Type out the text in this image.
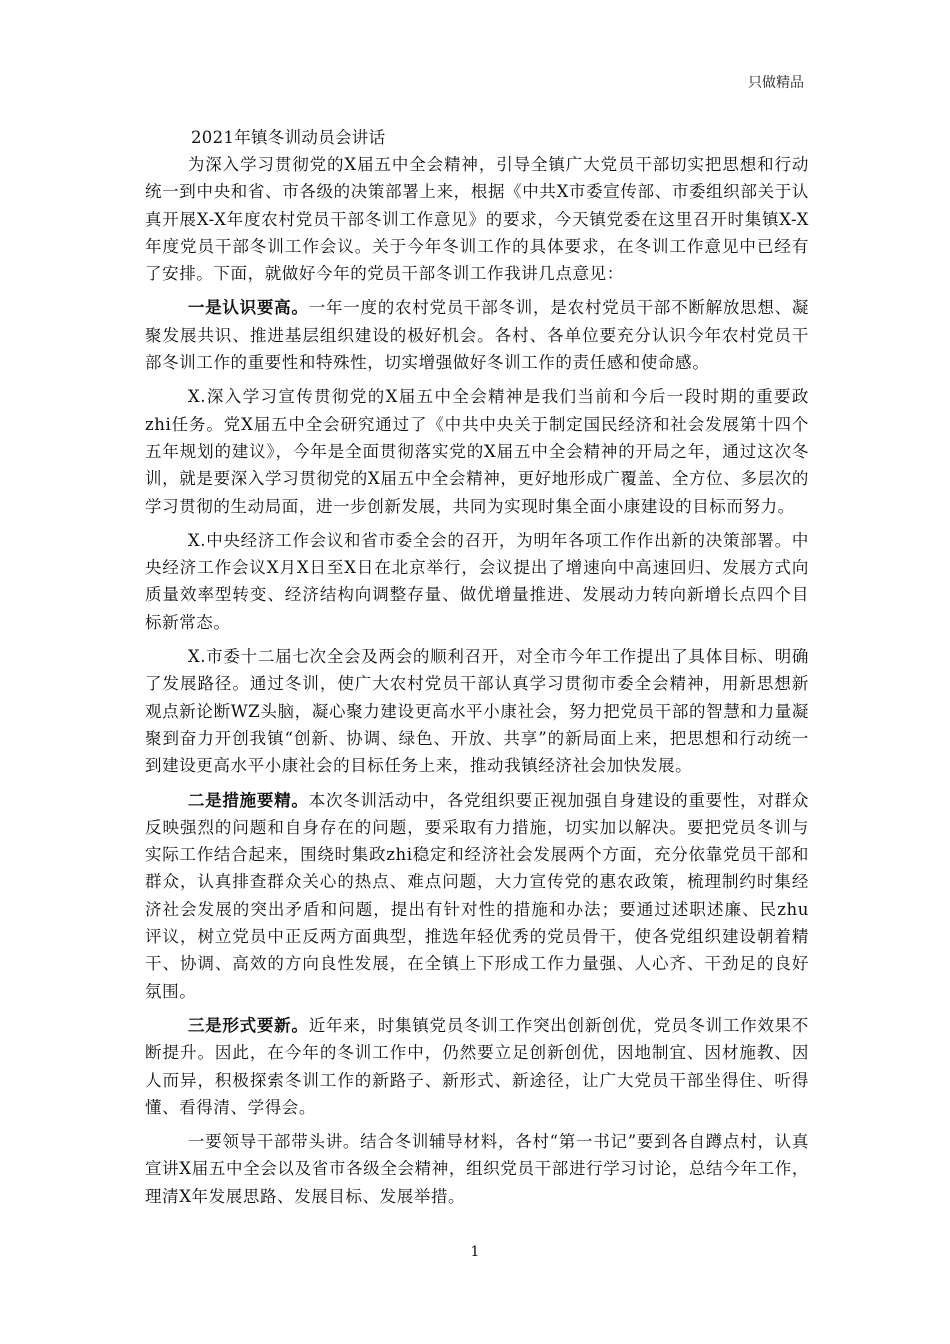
只做精品
2021年镇冬训动员会讲话

为深入学习贯彻党的X届五中全会精神，引导全镇广大党员干部切实把思想和行动统一到中央和省、市各级的决策部署上来，根据《中共X市委宣传部、市委组织部关于认真开展X-X年度农村党员干部冬训工作意见》的要求，今天镇党委在这里召开时集镇X-X年度党员干部冬训工作会议。关于今年冬训工作的具体要求，在冬训工作意见中已经有了安排。下面，就做好今年的党员干部冬训工作我讲几点意见：

一是认识要高。一年一度的农村党员干部冬训，是农村党员干部不断解放思想、凝聚发展共识、推进基层组织建设的极好机会。各村、各单位要充分认识今年农村党员干部冬训工作的重要性和特殊性，切实增强做好冬训工作的责任感和使命感。

X.深入学习宣传贯彻党的X届五中全会精神是我们当前和今后一段时期的重要政zhi任务。党X届五中全会研究通过了《中共中央关于制定国民经济和社会发展第十四个五年规划的建议》，今年是全面贯彻落实党的X届五中全会精神的开局之年，通过这次冬训，就是要深入学习贯彻党的X届五中全会精神，更好地形成广覆盖、全方位、多层次的学习贯彻的生动局面，进一步创新发展，共同为实现时集全面小康建设的目标而努力。

X.中央经济工作会议和省市委全会的召开，为明年各项工作作出新的决策部署。中央经济工作会议X月X日至X日在北京举行，会议提出了增速向中高速回归、发展方式向质量效率型转变、经济结构向调整存量、做优增量推进、发展动力转向新增长点四个目标新常态。

X.市委十二届七次全会及两会的顺利召开，对全市今年工作提出了具体目标、明确了发展路径。通过冬训，使广大农村党员干部认真学习贯彻市委全会精神，用新思想新观点新论断WZ头脑，凝心聚力建设更高水平小康社会，努力把党员干部的智慧和力量凝聚到奋力开创我镇“创新、协调、绿色、开放、共享”的新局面上来，把思想和行动统一到建设更高水平小康社会的目标任务上来，推动我镇经济社会加快发展。

二是措施要精。本次冬训活动中，各党组织要正视加强自身建设的重要性，对群众反映强烈的问题和自身存在的问题，要采取有力措施，切实加以解决。要把党员冬训与实际工作结合起来，围绕时集政zhi稳定和经济社会发展两个方面，充分依靠党员干部和群众，认真排查群众关心的热点、难点问题，大力宣传党的惠农政策，梳理制约时集经济社会发展的突出矛盾和问题，提出有针对性的措施和办法；要通过述职述廉、民zhu评议，树立党员中正反两方面典型，推选年轻优秀的党员骨干，使各党组织建设朝着精干、协调、高效的方向良性发展，在全镇上下形成工作力量强、人心齐、干劲足的良好氛围。

三是形式要新。近年来，时集镇党员冬训工作突出创新创优，党员冬训工作效果不断提升。因此，在今年的冬训工作中，仍然要立足创新创优，因地制宜、因材施教、因人而异，积极探索冬训工作的新路子、新形式、新途径，让广大党员干部坐得住、听得懂、看得清、学得会。

一要领导干部带头讲。结合冬训辅导材料，各村“第一书记”要到各自蹲点村，认真宣讲X届五中全会以及省市各级全会精神，组织党员干部进行学习讨论，总结今年工作，理清X年发展思路、发展目标、发展举措。

1
